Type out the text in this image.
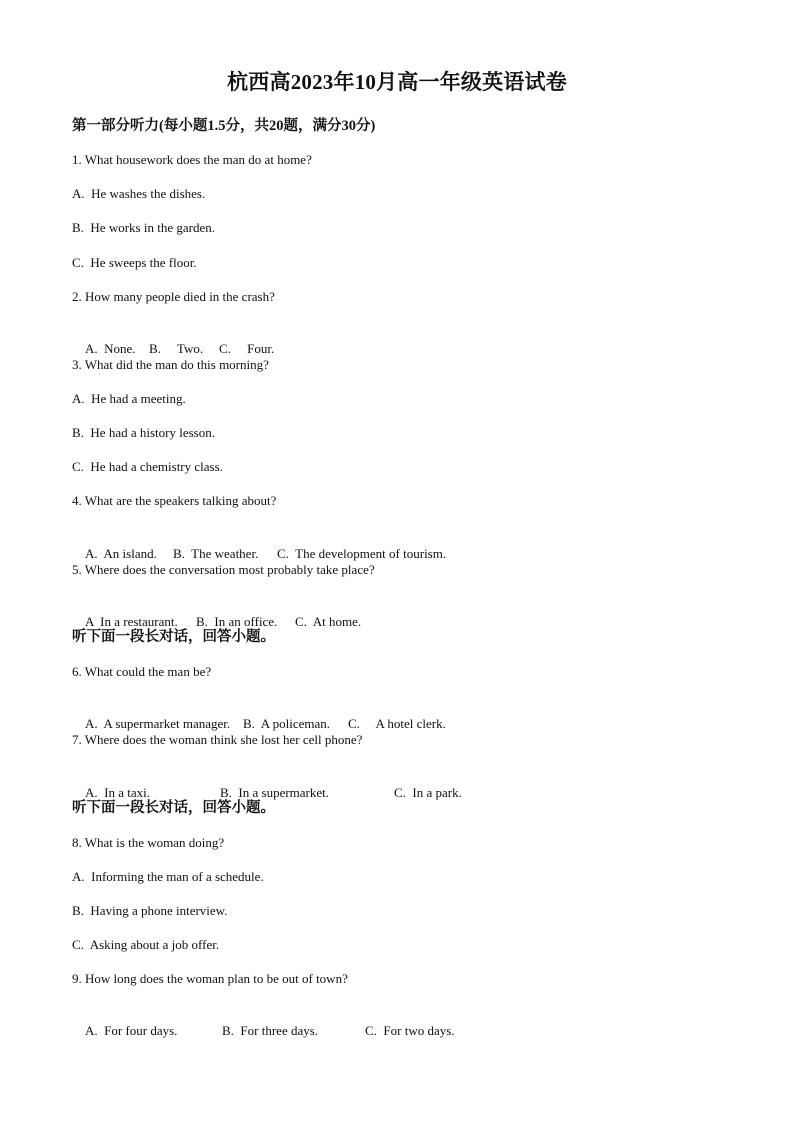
杭西高2023年10月高一年级英语试卷
第一部分听力(每小题1.5分，共20题，满分30分)
1. What housework does the man do at home?
A.  He washes the dishes.
B.  He works in the garden.
C.  He sweeps the floor.
2. How many people died in the crash?

A.  None. B.     Two. C.     Four.

3. What did the man do this morning?
A.  He had a meeting.
B.  He had a history lesson.
C.  He had a chemistry class.
4. What are the speakers talking about?

A.  An island. B.  The weather. C.  The development of tourism.

5. Where does the conversation most probably take place?

A  In a restaurant. B.  In an office. C.  At home.

听下面一段长对话，回答小题。
6. What could the man be?

A.  A supermarket manager. B.  A policeman. C.     A hotel clerk.

7. Where does the woman think she lost her cell phone?

A.  In a taxi.	B.  In a supermarket.	C.  In a park.

听下面一段长对话，回答小题。
8. What is the woman doing?
A.  Informing the man of a schedule.
B.  Having a phone interview.
C.  Asking about a job offer.
9. How long does the woman plan to be out of town?

A.  For four days.	B.  For three days.	C.  For two days.
